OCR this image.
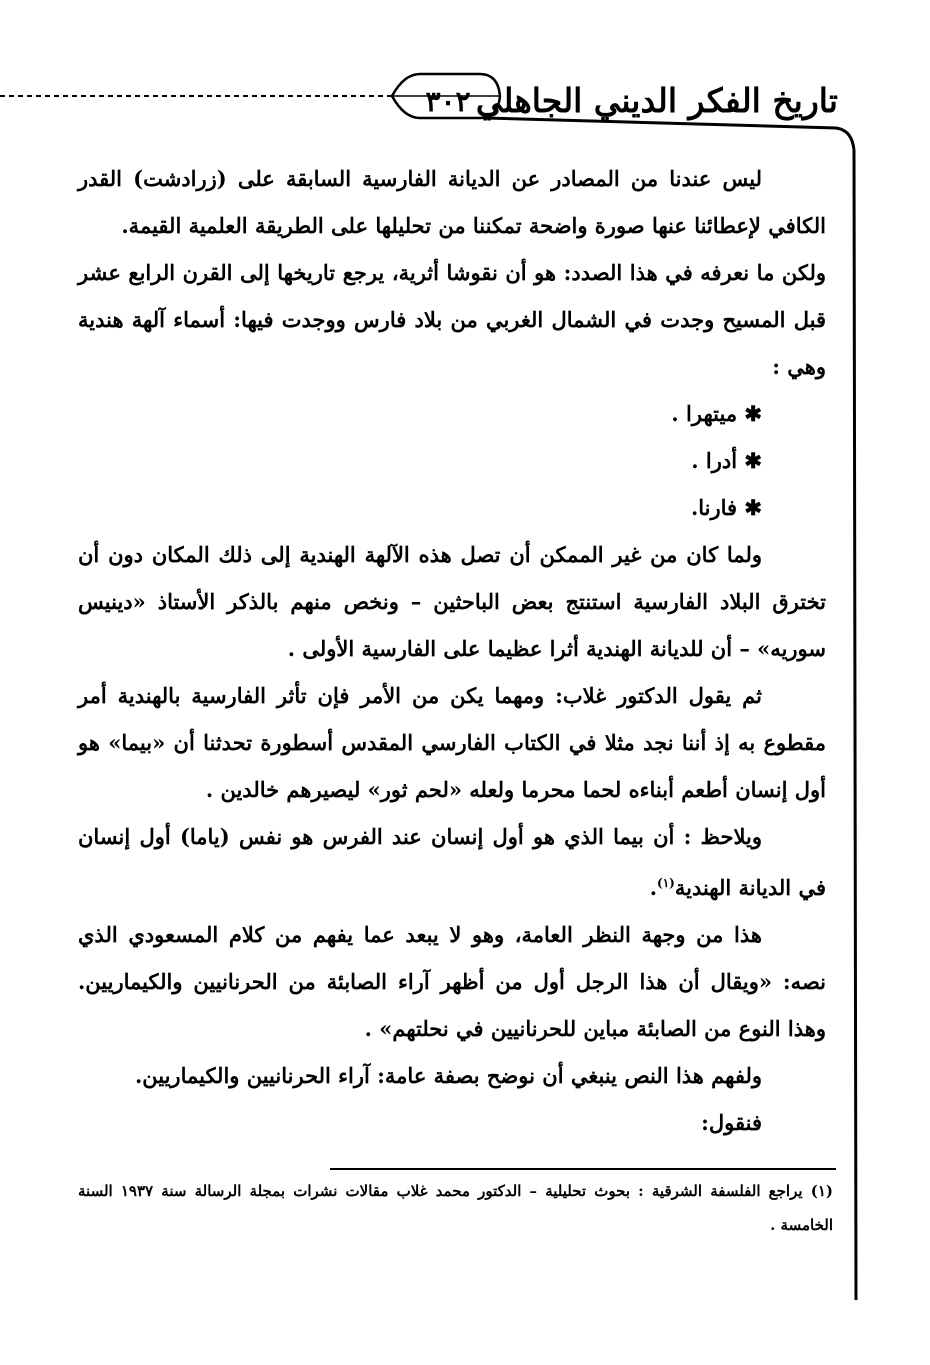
٣٠٢ تاريخ الفكر الديني الجاهلي

ليس عندنا من المصادر عن الديانة الفارسية السابقة على (زرادشت) القدر الكافي لإعطائنا عنها صورة واضحة تمكننا من تحليلها على الطريقة العلمية القيمة.

ولكن ما نعرفه في هذا الصدد: هو أن نقوشا أثرية، يرجع تاريخها إلى القرن الرابع عشر قبل المسيح وجدت في الشمال الغربي من بلاد فارس ووجدت فيها: أسماء آلهة هندية وهي :

✱ ميتهرا .

✱ أدرا .

✱ فارنا.

ولما كان من غير الممكن أن تصل هذه الآلهة الهندية إلى ذلك المكان دون أن تخترق البلاد الفارسية استنتج بعض الباحثين – ونخص منهم بالذكر الأستاذ «دينيس سوريه» – أن للديانة الهندية أثرا عظيما على الفارسية الأولى .

ثم يقول الدكتور غلاب: ومهما يكن من الأمر فإن تأثر الفارسية بالهندية أمر مقطوع به إذ أننا نجد مثلا في الكتاب الفارسي المقدس أسطورة تحدثنا أن «بيما» هو أول إنسان أطعم أبناءه لحما محرما ولعله «لحم ثور» ليصيرهم خالدين .

ويلاحظ : أن بيما الذي هو أول إنسان عند الفرس هو نفس (ياما) أول إنسان في الديانة الهندية$^{(١)}$.

هذا من وجهة النظر العامة، وهو لا يبعد عما يفهم من كلام المسعودي الذي نصه: «ويقال أن هذا الرجل أول من أظهر آراء الصابئة من الحرنانيين والكيماريين. وهذا النوع من الصابئة مباين للحرنانيين في نحلتهم» .

ولفهم هذا النص ينبغي أن نوضح بصفة عامة: آراء الحرنانيين والكيماريين.

فنقول:

(١) يراجع الفلسفة الشرقية : بحوث تحليلية – الدكتور محمد غلاب مقالات نشرات بمجلة الرسالة سنة ١٩٣٧ السنة الخامسة .
